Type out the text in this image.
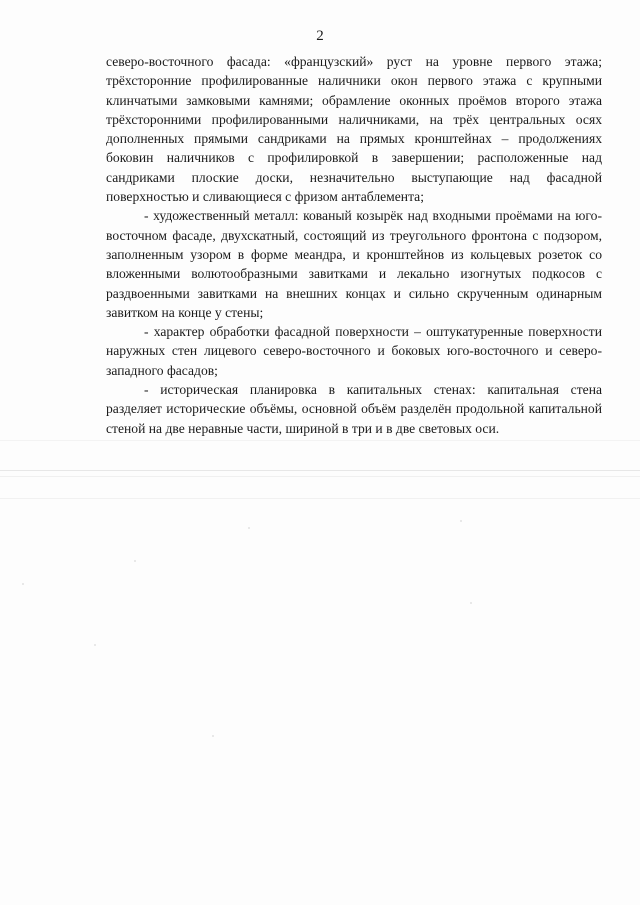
2

северо-восточного фасада: «французский» руст на уровне первого этажа; трёхсторонние профилированные наличники окон первого этажа с крупными клинчатыми замковыми камнями; обрамление оконных проёмов второго этажа трёхсторонними профилированными наличниками, на трёх центральных осях дополненных прямыми сандриками на прямых кронштейнах – продолжениях боковин наличников с профилировкой в завершении; расположенные над сандриками плоские доски, незначительно выступающие над фасадной поверхностью и сливающиеся с фризом антаблемента;

- художественный металл: кованый козырёк над входными проёмами на юго-восточном фасаде, двухскатный, состоящий из треугольного фронтона с подзором, заполненным узором в форме меандра, и кронштейнов из кольцевых розеток со вложенными волютообразными завитками и лекально изогнутых подкосов с раздвоенными завитками на внешних концах и сильно скрученным одинарным завитком на конце у стены;

- характер обработки фасадной поверхности – оштукатуренные поверхности наружных стен лицевого северо-восточного и боковых юго-восточного и северо-западного фасадов;

- историческая планировка в капитальных стенах: капитальная стена разделяет исторические объёмы, основной объём разделён продольной капитальной стеной на две неравные части, шириной в три и в две световых оси.
